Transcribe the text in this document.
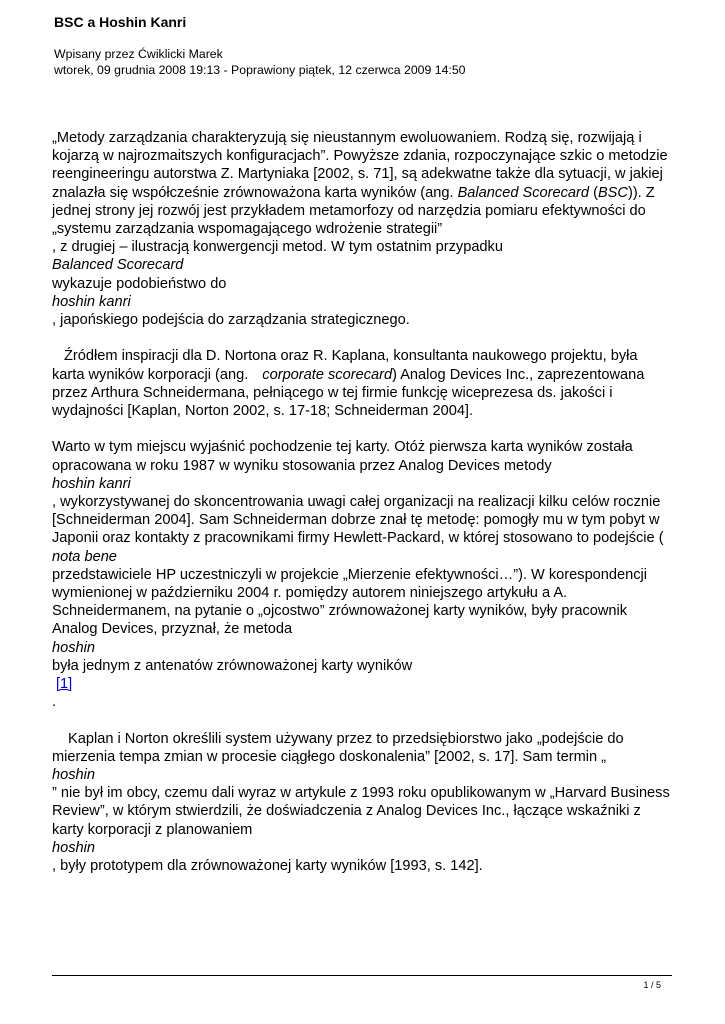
BSC a Hoshin Kanri
Wpisany przez Ćwiklicki Marek
wtorek, 09 grudnia 2008 19:13 - Poprawiony piątek, 12 czerwca 2009 14:50
„Metody zarządzania charakteryzują się nieustannym ewoluowaniem. Rodzą się, rozwijają i
kojarzą w najrozmaitszych konfiguracjach”. Powyższe zdania, rozpoczynające szkic o metodzie
reengineeringu autorstwa Z. Martyniaka [2002, s. 71], są adekwatne także dla sytuacji, w jakiej
znalazła się współcześnie zrównoważona karta wyników (ang. Balanced Scorecard (BSC)). Z
jednej strony jej rozwój jest przykładem metamorfozy od narzędzia pomiaru efektywności do
„systemu zarządzania wspomagającego wdrożenie strategii”
, z drugiej – ilustracją konwergencji metod. W tym ostatnim przypadku
Balanced Scorecard
wykazuje podobieństwo do
hoshin kanri
, japońskiego podejścia do zarządzania strategicznego.
Źródłem inspiracji dla D. Nortona oraz R. Kaplana, konsultanta naukowego projektu, była
karta wyników korporacji (ang. corporate scorecard) Analog Devices Inc., zaprezentowana
przez Arthura Schneidermana, pełniącego w tej firmie funkcję wiceprezesa ds. jakości i
wydajności [Kaplan, Norton 2002, s. 17-18; Schneiderman 2004].
Warto w tym miejscu wyjaśnić pochodzenie tej karty. Otóż pierwsza karta wyników została
opracowana w roku 1987 w wyniku stosowania przez Analog Devices metody
hoshin kanri
, wykorzystywanej do skoncentrowania uwagi całej organizacji na realizacji kilku celów rocznie
[Schneiderman 2004]. Sam Schneiderman dobrze znał tę metodę: pomogły mu w tym pobyt w
Japonii oraz kontakty z pracownikami firmy Hewlett-Packard, w której stosowano to podejście (
nota bene
przedstawiciele HP uczestniczyli w projekcie „Mierzenie efektywności…”). W korespondencji
wymienionej w październiku 2004 r. pomiędzy autorem niniejszego artykułu a A.
Schneidermanem, na pytanie o „ojcostwo” zrównoważonej karty wyników, były pracownik
Analog Devices, przyznał, że metoda
hoshin
była jednym z antenatów zrównoważonej karty wyników
[1]
.
Kaplan i Norton określili system używany przez to przedsiębiorstwo jako „podejście do
mierzenia tempa zmian w procesie ciągłego doskonalenia” [2002, s. 17]. Sam termin „
hoshin
” nie był im obcy, czemu dali wyraz w artykule z 1993 roku opublikowanym w „Harvard Business
Review”, w którym stwierdzili, że doświadczenia z Analog Devices Inc., łączące wskaźniki z
karty korporacji z planowaniem
hoshin
, były prototypem dla zrównoważonej karty wyników [1993, s. 142].
1 / 5
